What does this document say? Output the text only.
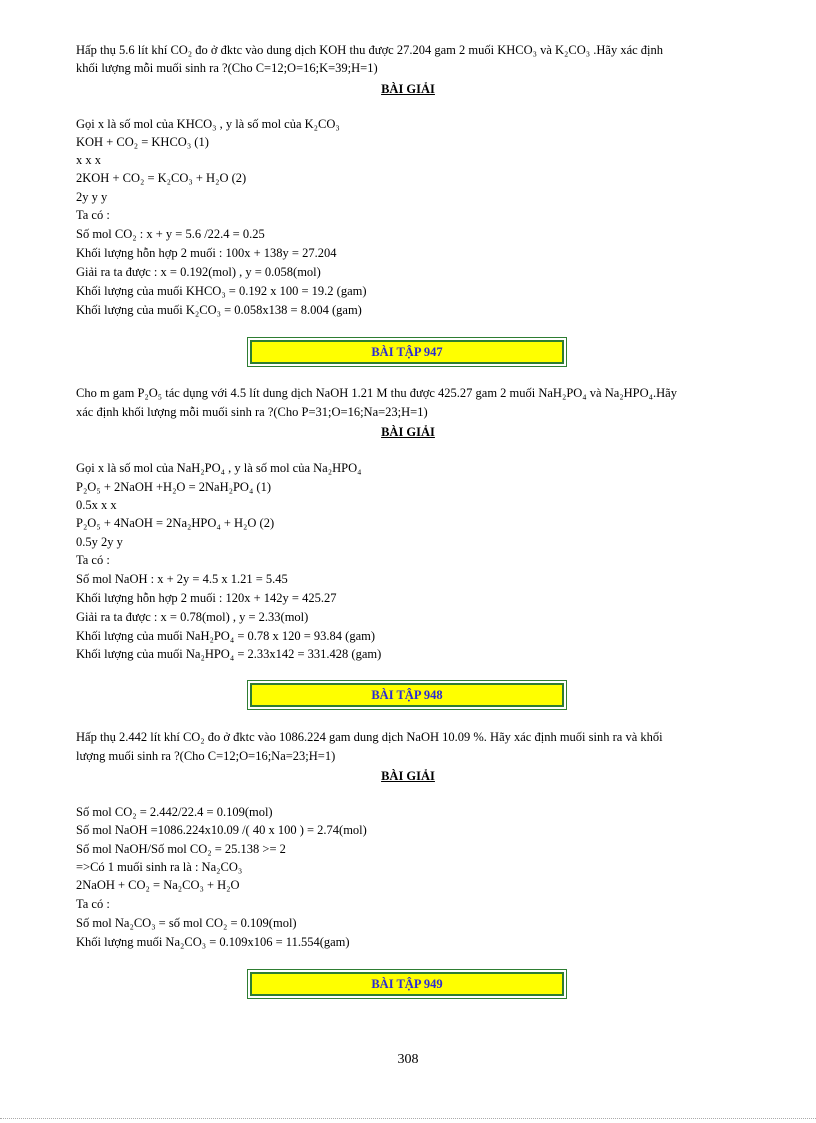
Hấp thụ 5.6 lít khí CO₂ đo ở đktc vào dung dịch KOH thu được 27.204 gam 2 muối KHCO₃ và K₂CO₃ .Hãy xác định
khối lượng mỗi muối sinh ra ?(Cho C=12;O=16;K=39;H=1)
BÀI GIẢI
Gọi x là số mol của KHCO₃ , y là số mol của K₂CO₃
KOH + CO₂ = KHCO₃ (1)
x x x
2KOH + CO₂ = K₂CO₃ + H₂O (2)
2y y y
Ta có :
Số mol CO₂ : x + y = 5.6 /22.4 = 0.25
Khối lượng hỗn hợp 2 muối : 100x + 138y = 27.204
Giải ra ta được : x = 0.192(mol) , y = 0.058(mol)
Khối lượng của muối KHCO₃ = 0.192 x 100 = 19.2 (gam)
Khối lượng của muối K₂CO₃ = 0.058x138 = 8.004 (gam)
BÀI TẬP 947
Cho m gam P₂O₅ tác dụng với 4.5 lít dung dịch NaOH 1.21 M thu được 425.27 gam 2 muối NaH₂PO₄ và Na₂HPO₄.Hãy
xác định khối lượng mỗi muối sinh ra ?(Cho P=31;O=16;Na=23;H=1)
BÀI GIẢI
Gọi x là số mol của NaH₂PO₄ , y là số mol của Na₂HPO₄
P₂O₅ + 2NaOH +H₂O = 2NaH₂PO₄ (1)
0.5x x x
P₂O₅ + 4NaOH = 2Na₂HPO₄ + H₂O (2)
0.5y 2y y
Ta có :
Số mol NaOH : x + 2y = 4.5 x 1.21 = 5.45
Khối lượng hỗn hợp 2 muối : 120x + 142y = 425.27
Giải ra ta được : x = 0.78(mol) , y = 2.33(mol)
Khối lượng của muối NaH₂PO₄ = 0.78 x 120 = 93.84 (gam)
Khối lượng của muối Na₂HPO₄ = 2.33x142 = 331.428 (gam)
BÀI TẬP 948
Hấp thụ 2.442 lít khí CO₂ đo ở đktc vào 1086.224 gam dung dịch NaOH 10.09 %. Hãy xác định muối sinh ra và khối
lượng muối sinh ra ?(Cho C=12;O=16;Na=23;H=1)
BÀI GIẢI
Số mol CO₂ = 2.442/22.4 = 0.109(mol)
Số mol NaOH =1086.224x10.09 /( 40 x 100 ) = 2.74(mol)
Số mol NaOH/Số mol CO₂ = 25.138 >= 2
=>Có 1 muối sinh ra là : Na₂CO₃
2NaOH + CO₂ = Na₂CO₃ + H₂O
Ta có :
Số mol Na₂CO₃ = số mol CO₂ = 0.109(mol)
Khối lượng muối Na₂CO₃ = 0.109x106 = 11.554(gam)
BÀI TẬP 949
308
